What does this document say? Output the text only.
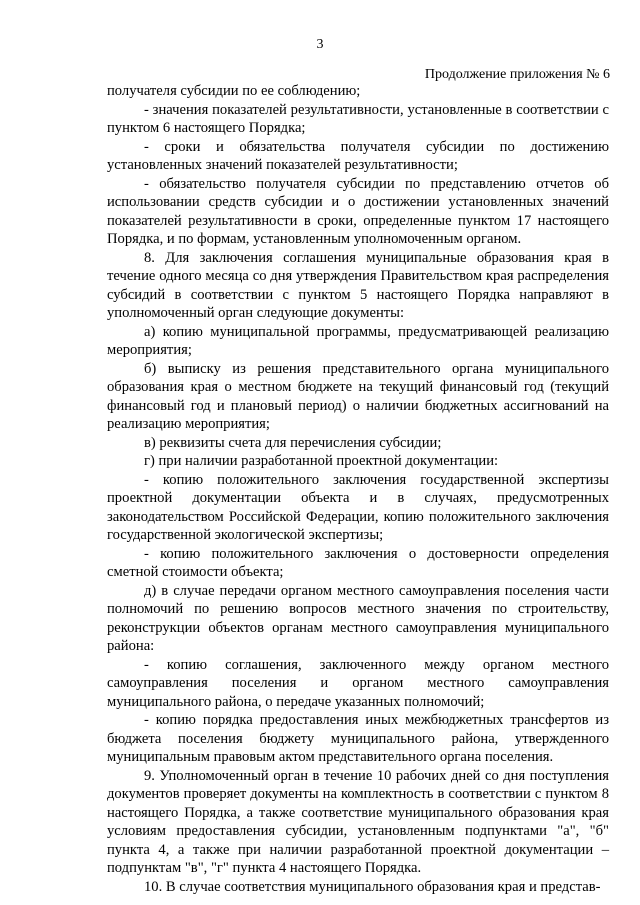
3
Продолжение приложения № 6

получателя субсидии по ее соблюдению;

- значения показателей результативности, установленные в соответствии с пунктом 6 настоящего Порядка;

- сроки и обязательства получателя субсидии по достижению установленных значений показателей результативности;

- обязательство получателя субсидии по представлению отчетов об использовании средств субсидии и о достижении установленных значений показателей результативности в сроки, определенные пунктом 17 настоящего Порядка, и по формам, установленным уполномоченным органом.

8. Для заключения соглашения муниципальные образования края в течение одного месяца со дня утверждения Правительством края распределения субсидий в соответствии с пунктом 5 настоящего Порядка направляют в уполномоченный орган следующие документы:

а) копию муниципальной программы, предусматривающей реализацию мероприятия;

б) выписку из решения представительного органа муниципального образования края о местном бюджете на текущий финансовый год (текущий финансовый год и плановый период) о наличии бюджетных ассигнований на реализацию мероприятия;

в) реквизиты счета для перечисления субсидии;

г) при наличии разработанной проектной документации:

- копию положительного заключения государственной экспертизы проектной документации объекта и в случаях, предусмотренных законодательством Российской Федерации, копию положительного заключения государственной экологической экспертизы;

- копию положительного заключения о достоверности определения сметной стоимости объекта;

д) в случае передачи органом местного самоуправления поселения части полномочий по решению вопросов местного значения по строительству, реконструкции объектов органам местного самоуправления муниципального района:

- копию соглашения, заключенного между органом местного самоуправления поселения и органом местного самоуправления муниципального района, о передаче указанных полномочий;

- копию порядка предоставления иных межбюджетных трансфертов из бюджета поселения бюджету муниципального района, утвержденного муниципальным правовым актом представительного органа поселения.

9. Уполномоченный орган в течение 10 рабочих дней со дня поступления документов проверяет документы на комплектность в соответствии с пунктом 8 настоящего Порядка, а также соответствие муниципального образования края условиям предоставления субсидии, установленным подпунктами "а", "б" пункта 4, а также при наличии разработанной проектной документации – подпунктам "в", "г" пункта 4 настоящего Порядка.

10. В случае соответствия муниципального образования края и представ-
